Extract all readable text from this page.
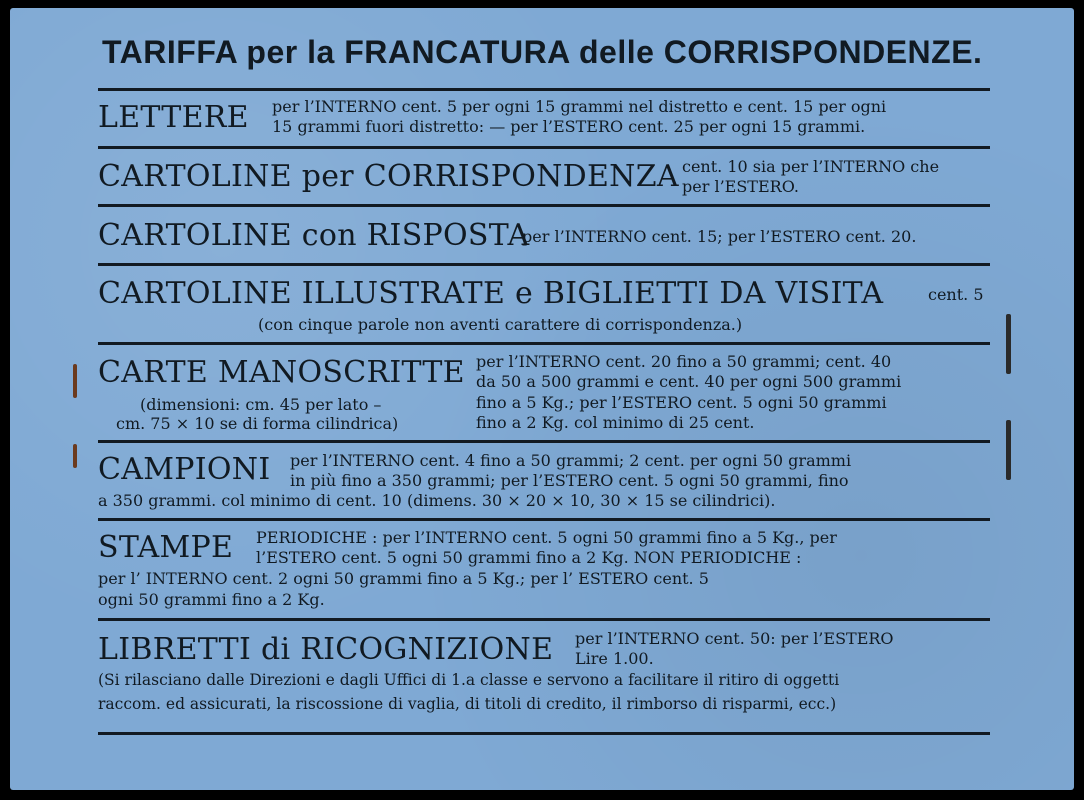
TARIFFA per la FRANCATURA delle CORRISPONDENZE.
LETTERE per l’INTERNO cent. 5 per ogni 15 grammi nel distretto e cent. 15 per ogni
15 grammi fuori distretto: — per l’ESTERO cent. 25 per ogni 15 grammi.
CARTOLINE per CORRISPONDENZA cent. 10 sia per l’INTERNO che
per l’ESTERO.
CARTOLINE con RISPOSTA
per l’INTERNO cent. 15; per l’ESTERO cent. 20.
CARTOLINE ILLUSTRATE e BIGLIETTI DA VISITA	cent. 5
(con cinque parole non aventi carattere di corrispondenza.)
CARTE MANOSCRITTE
(dimensioni: cm. 45 per lato –
cm. 75 × 10 se di forma cilindrica)
per l’INTERNO cent. 20 fino a 50 grammi; cent. 40
da 50 a 500 grammi e cent. 40 per ogni 500 grammi
fino a 5 Kg.; per l’ESTERO cent. 5 ogni 50 grammi
fino a 2 Kg. col minimo di 25 cent.
CAMPIONI per l’INTERNO cent. 4 fino a 50 grammi; 2 cent. per ogni 50 grammi
in più fino a 350 grammi; per l’ESTERO cent. 5 ogni 50 grammi, fino
a 350 grammi. col minimo di cent. 10 (dimens. 30 × 20 × 10, 30 × 15 se cilindrici).
STAMPE PERIODICHE : per l’INTERNO cent. 5 ogni 50 grammi fino a 5 Kg., per
l’ESTERO cent. 5 ogni 50 grammi fino a 2 Kg. NON PERIODICHE :
per l’ INTERNO cent. 2 ogni 50 grammi fino a 5 Kg.; per l’ ESTERO cent. 5
ogni 50 grammi fino a 2 Kg.
LIBRETTI di RICOGNIZIONE per l’INTERNO cent. 50: per l’ESTERO
Lire 1.00.
(Si rilasciano dalle Direzioni e dagli Uffici di 1.a classe e servono a facilitare il ritiro di oggetti
raccom. ed assicurati, la riscossione di vaglia, di titoli di credito, il rimborso di risparmi, ecc.)
